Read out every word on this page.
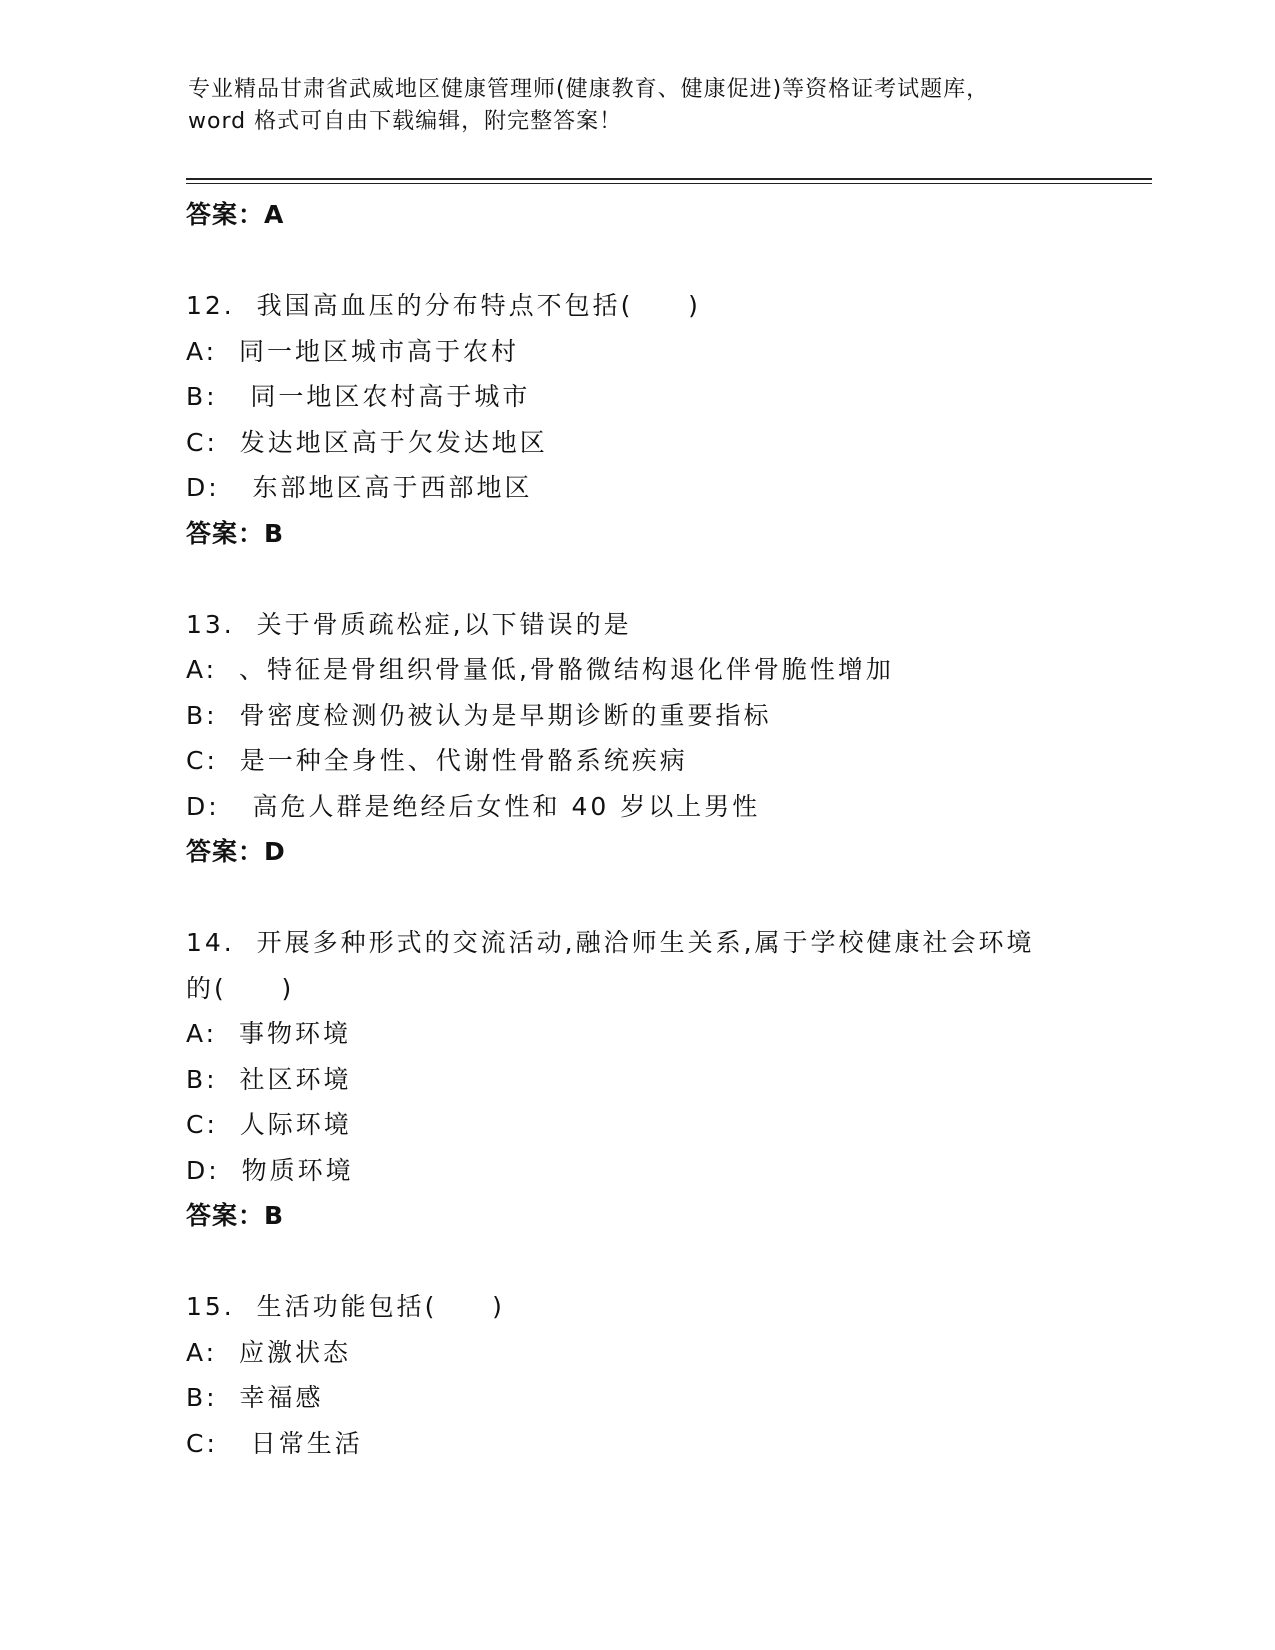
专业精品甘肃省武威地区健康管理师(健康教育、健康促进)等资格证考试题库，
word 格式可自由下载编辑，附完整答案！
答案：A
12.  我国高血压的分布特点不包括(     )
A:  同一地区城市高于农村
B:   同一地区农村高于城市
C:  发达地区高于欠发达地区
D:   东部地区高于西部地区
答案：B
13.  关于骨质疏松症,以下错误的是
A:  、特征是骨组织骨量低,骨骼微结构退化伴骨脆性增加
B:  骨密度检测仍被认为是早期诊断的重要指标
C:  是一种全身性、代谢性骨骼系统疾病
D:   高危人群是绝经后女性和 40 岁以上男性
答案：D
14.  开展多种形式的交流活动,融洽师生关系,属于学校健康社会环境
的(     )
A:  事物环境
B:  社区环境
C:  人际环境
D:  物质环境
答案：B
15.  生活功能包括(     )
A:  应激状态
B:  幸福感
C:   日常生活
